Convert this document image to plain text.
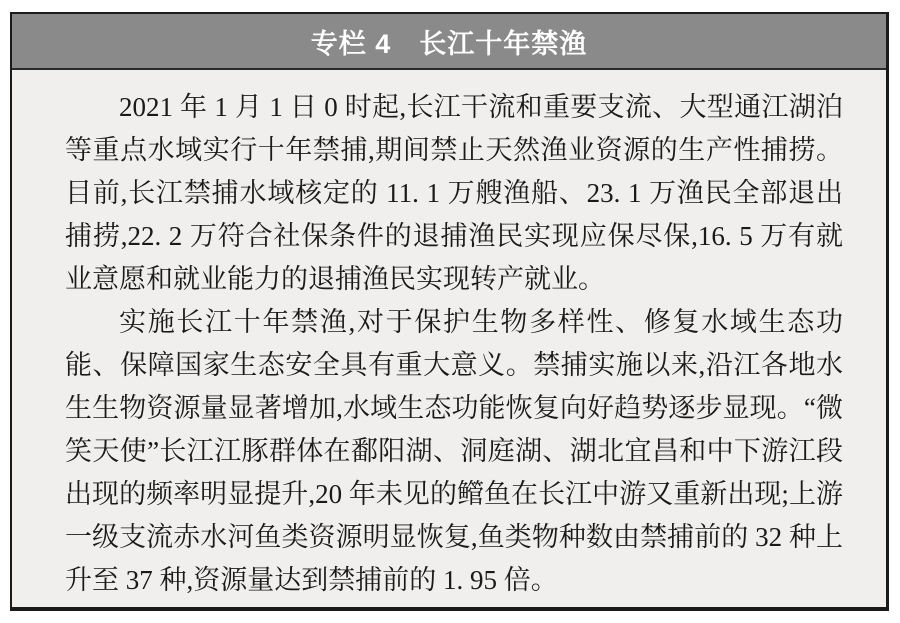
专栏 4　长江十年禁渔

2021 年 1 月 1 日 0 时起,长江干流和重要支流、大型通江湖泊等重点水域实行十年禁捕,期间禁止天然渔业资源的生产性捕捞。目前,长江禁捕水域核定的 11. 1 万艘渔船、23. 1 万渔民全部退出捕捞,22. 2 万符合社保条件的退捕渔民实现应保尽保,16. 5 万有就业意愿和就业能力的退捕渔民实现转产就业。

实施长江十年禁渔,对于保护生物多样性、修复水域生态功能、保障国家生态安全具有重大意义。禁捕实施以来,沿江各地水生生物资源量显著增加,水域生态功能恢复向好趋势逐步显现。“微笑天使”长江江豚群体在鄱阳湖、洞庭湖、湖北宜昌和中下游江段出现的频率明显提升,20 年未见的鳤鱼在长江中游又重新出现;上游一级支流赤水河鱼类资源明显恢复,鱼类物种数由禁捕前的 32 种上升至 37 种,资源量达到禁捕前的 1. 95 倍。
